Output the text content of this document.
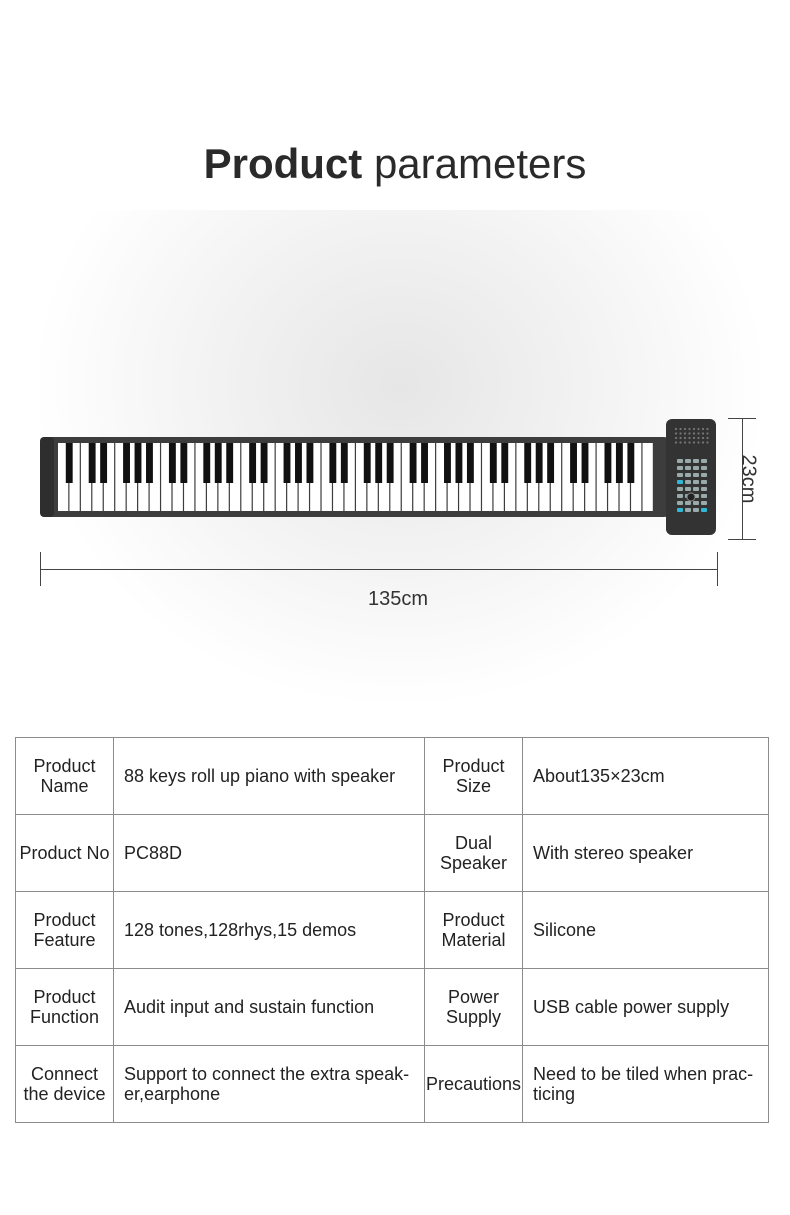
Product parameters
23cm
135cm
Product Name	88 keys roll up piano with speaker	Product Size	About135×23cm
Product No	PC88D	Dual Speaker	With stereo speaker
Product Feature	128 tones,128rhys,15 demos	Product Material	Silicone
Product Function	Audit input and sustain function	Power Supply	USB cable power supply
Connect the device	Support to connect the extra speak-er,earphone	Precautions	Need to be tiled when prac-ticing
